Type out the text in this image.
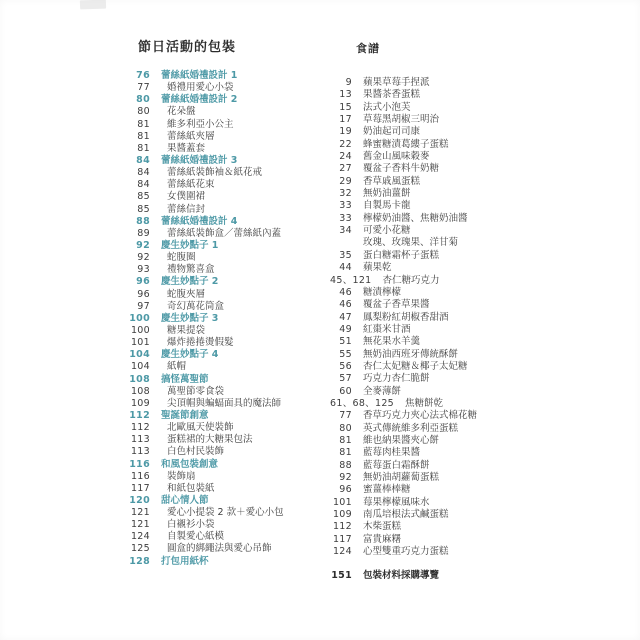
節日活動的包裝
76 蕾絲紙婚禮設計 1
77 婚禮用愛心小袋
80 蕾絲紙婚禮設計 2
80 花朵盤
81 維多利亞小公主
81 蕾絲紙夾層
81 果醬蓋套
84 蕾絲紙婚禮設計 3
84 蕾絲紙裝飾袖＆紙花戒
84 蕾絲紙花束
85 女僕圍裙
85 蕾絲信封
88 蕾絲紙婚禮設計 4
89 蕾絲紙裝飾盒／蕾絲紙內蓋
92 慶生妙點子 1
92 蛇腹圈
93 禮物驚喜盒
96 慶生妙點子 2
96 蛇腹夾層
97 奇幻萬花筒盒
100 慶生妙點子 3
100 糖果提袋
101 爆炸捲捲燙假髮
104 慶生妙點子 4
104 紙帽
108 搞怪萬聖節
108 萬聖節零食袋
109 尖頂帽與蝙蝠面具的魔法師
112 聖誕節創意
112 北歐風天使裝飾
113 蛋糕裙的大糖果包法
113 白色村民裝飾
116 和風包裝創意
116 裝飾扇
117 和紙包裝紙
120 甜心情人節
121 愛心小提袋 2 款＋愛心小包
121 白襯衫小袋
124 自製愛心紙模
125 圓盒的綁繩法與愛心吊飾
128 打包用紙杯
食譜
9 蘋果草莓手捏派
13 果醬茶香蛋糕
15 法式小泡芙
17 草莓黑胡椒三明治
19 奶油起司司康
22 蜂蜜糖漬葛縷子蛋糕
24 舊金山風味穀麥
27 覆盆子香料牛奶糖
29 香草戚風蛋糕
32 無奶油薑餅
33 自製馬卡龍
33 檸檬奶油醬、焦糖奶油醬
34 可愛小花糖
玫瑰、玫瑰果、洋甘菊
35 蛋白糖霜杯子蛋糕
44 蘋果乾
45、121 杏仁糖巧克力
46 糖漬檸檬
46 覆盆子香草果醬
47 鳳梨粉紅胡椒香甜酒
49 紅棗米甘酒
51 無花果水羊羹
55 無奶油西班牙傳統酥餅
56 杏仁太妃糖＆椰子太妃糖
57 巧克力杏仁脆餅
60 全麥薄餅
61、68、125 焦糖餅乾
77 香草巧克力夾心法式棉花糖
80 英式傳統維多利亞蛋糕
81 維也納果醬夾心餅
81 藍莓肉桂果醬
88 藍莓蛋白霜酥餅
92 無奶油胡蘿蔔蛋糕
96 蜜薑棒棒糖
101 莓果檸檬風味水
109 南瓜培根法式鹹蛋糕
112 木柴蛋糕
117 富貴麻糬
124 心型雙重巧克力蛋糕
151 包裝材料採購導覽
